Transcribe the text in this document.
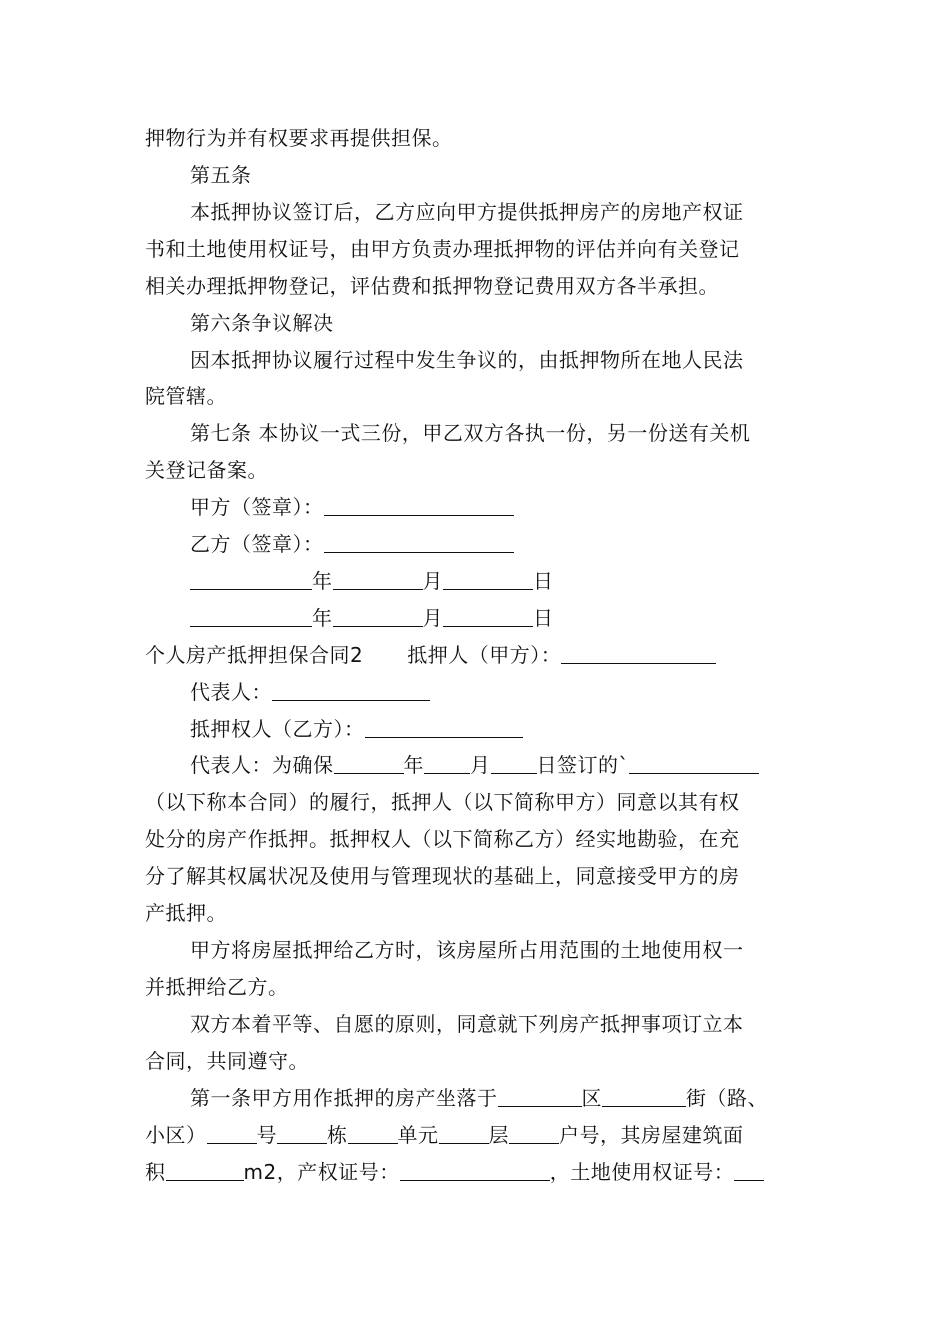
押物行为并有权要求再提供担保。
第五条
本抵押协议签订后，乙方应向甲方提供抵押房产的房地产权证
书和土地使用权证号，由甲方负责办理抵押物的评估并向有关登记
相关办理抵押物登记，评估费和抵押物登记费用双方各半承担。
第六条争议解决
因本抵押协议履行过程中发生争议的，由抵押物所在地人民法
院管辖。
第七条 本协议一式三份，甲乙双方各执一份，另一份送有关机
关登记备案。
甲方（签章）：
乙方（签章）：
年	月	日
年	月	日
个人房产抵押担保合同2 抵押人（甲方）：
代表人：
抵押权人（乙方）：
代表人：为确保	年 月 日签订的`
（以下称本合同）的履行，抵押人（以下简称甲方）同意以其有权
处分的房产作抵押。抵押权人（以下简称乙方）经实地勘验，在充
分了解其权属状况及使用与管理现状的基础上，同意接受甲方的房
产抵押。
甲方将房屋抵押给乙方时，该房屋所占用范围的土地使用权一
并抵押给乙方。
双方本着平等、自愿的原则，同意就下列房产抵押事项订立本
合同，共同遵守。
第一条甲方用作抵押的房产坐落于	区	街（路、
小区）	号	栋	单元	层	户号，其房屋建筑面
积	m2，产权证号：	，土地使用权证号：
